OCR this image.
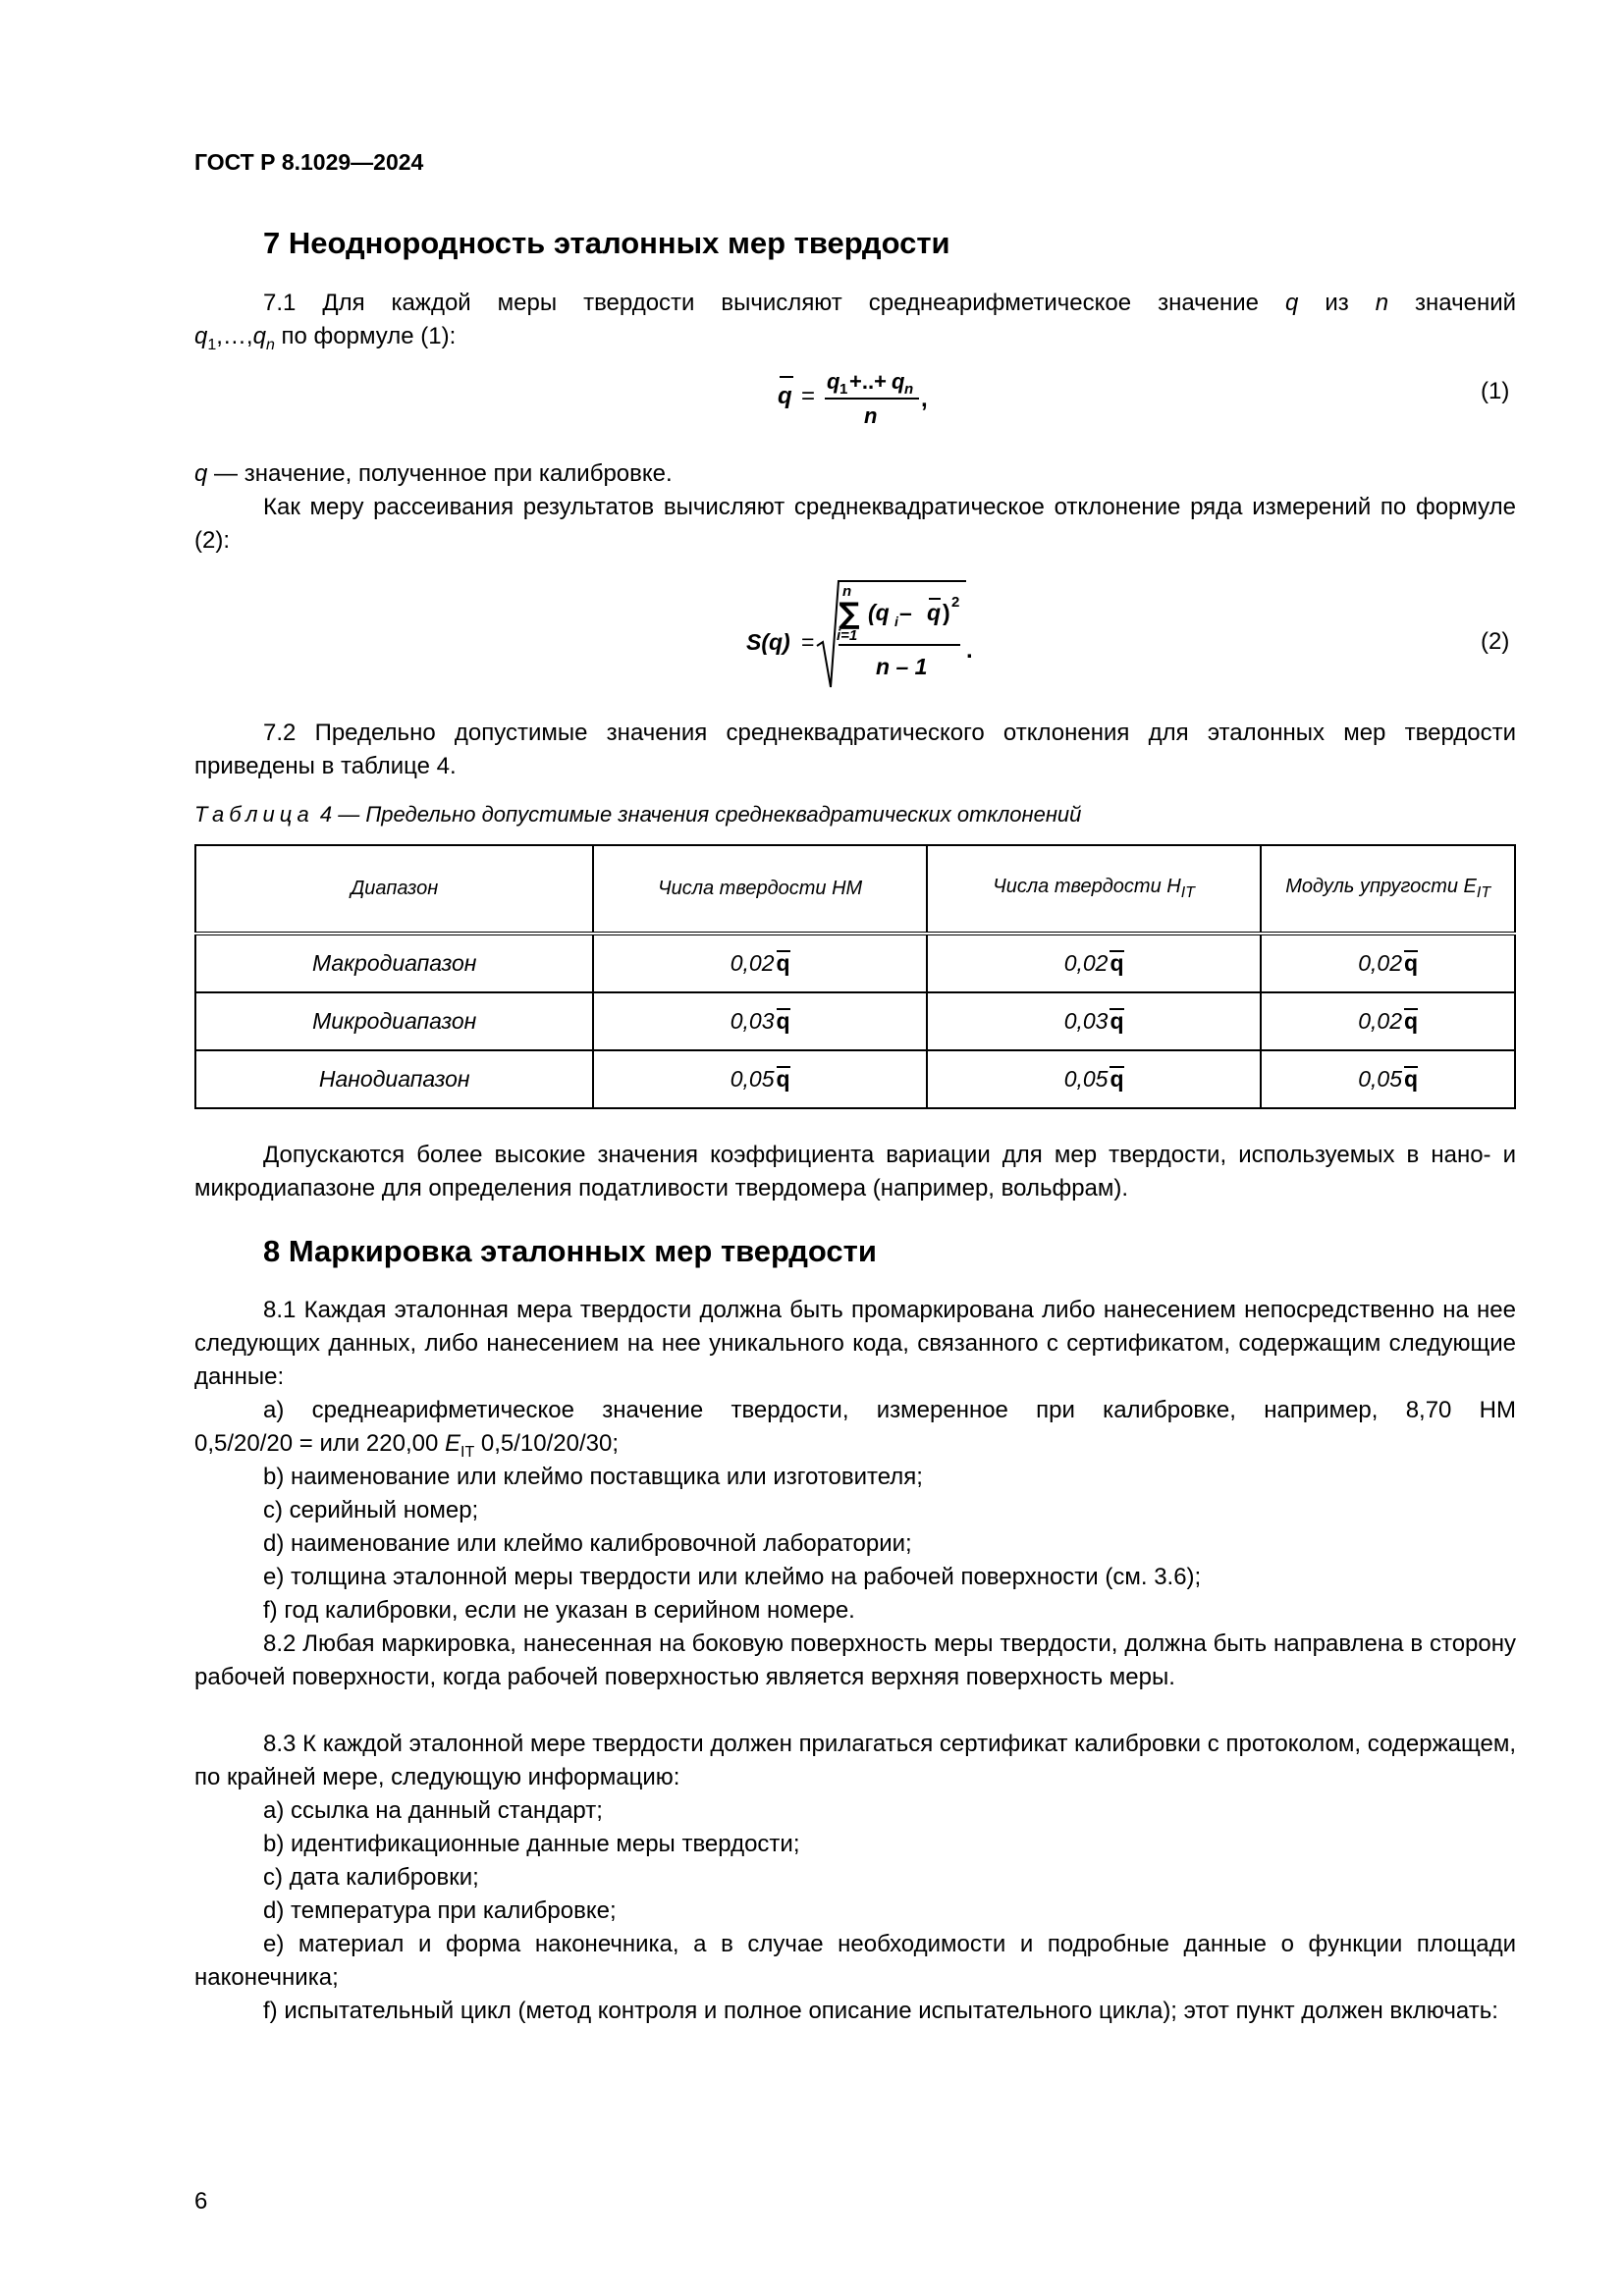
ГОСТ Р 8.1029—2024

7 Неоднородность эталонных мер твердости

7.1 Для каждой меры твердости вычисляют среднеарифметическое значение q из n значений

$q_1,\dots,q_n$ по формуле (1):

q =
q 1 +..+ q n
n
,	(1)

q — значение, полученное при калибровке.

Как меру рассеивания результатов вычисляют среднеквадратическое отклонение ряда измерений по формуле (2):

S(q) =
n
∑
i=1
(q i – q ) 2
n – 1
.	(2)

7.2 Предельно допустимые значения среднеквадратического отклонения для эталонных мер твердости приведены в таблице 4.

Таблица 4 — Предельно допустимые значения среднеквадратических отклонений

Диапазон	Числа твердости НМ	Числа твердости $H_{IT}$	Модуль упругости $E_{IT}$
Макродиапазон	0,02q	0,02q	0,02q
Микродиапазон	0,03q	0,03q	0,02q
Нанодиапазон	0,05q	0,05q	0,05q

Допускаются более высокие значения коэффициента вариации для мер твердости, используемых в нано- и микродиапазоне для определения податливости твердомера (например, вольфрам).

8 Маркировка эталонных мер твердости

8.1 Каждая эталонная мера твердости должна быть промаркирована либо нанесением непосредственно на нее следующих данных, либо нанесением на нее уникального кода, связанного с сертификатом, содержащим следующие данные:

a) среднеарифметическое значение твердости, измеренное при калибровке, например, 8,70 НМ

0,5/20/20 = или 220,00 $E_{IT}$ 0,5/10/20/30;

b) наименование или клеймо поставщика или изготовителя;

c) серийный номер;

d) наименование или клеймо калибровочной лаборатории;

e) толщина эталонной меры твердости или клеймо на рабочей поверхности (см. 3.6);

f) год калибровки, если не указан в серийном номере.

8.2 Любая маркировка, нанесенная на боковую поверхность меры твердости, должна быть направлена в сторону рабочей поверхности, когда рабочей поверхностью является верхняя поверхность меры.

8.3 К каждой эталонной мере твердости должен прилагаться сертификат калибровки с протоколом, содержащем, по крайней мере, следующую информацию:

a) ссылка на данный стандарт;

b) идентификационные данные меры твердости;

c) дата калибровки;

d) температура при калибровке;

e) материал и форма наконечника, а в случае необходимости и подробные данные о функции площади наконечника;

f) испытательный цикл (метод контроля и полное описание испытательного цикла); этот пункт должен включать:

6
